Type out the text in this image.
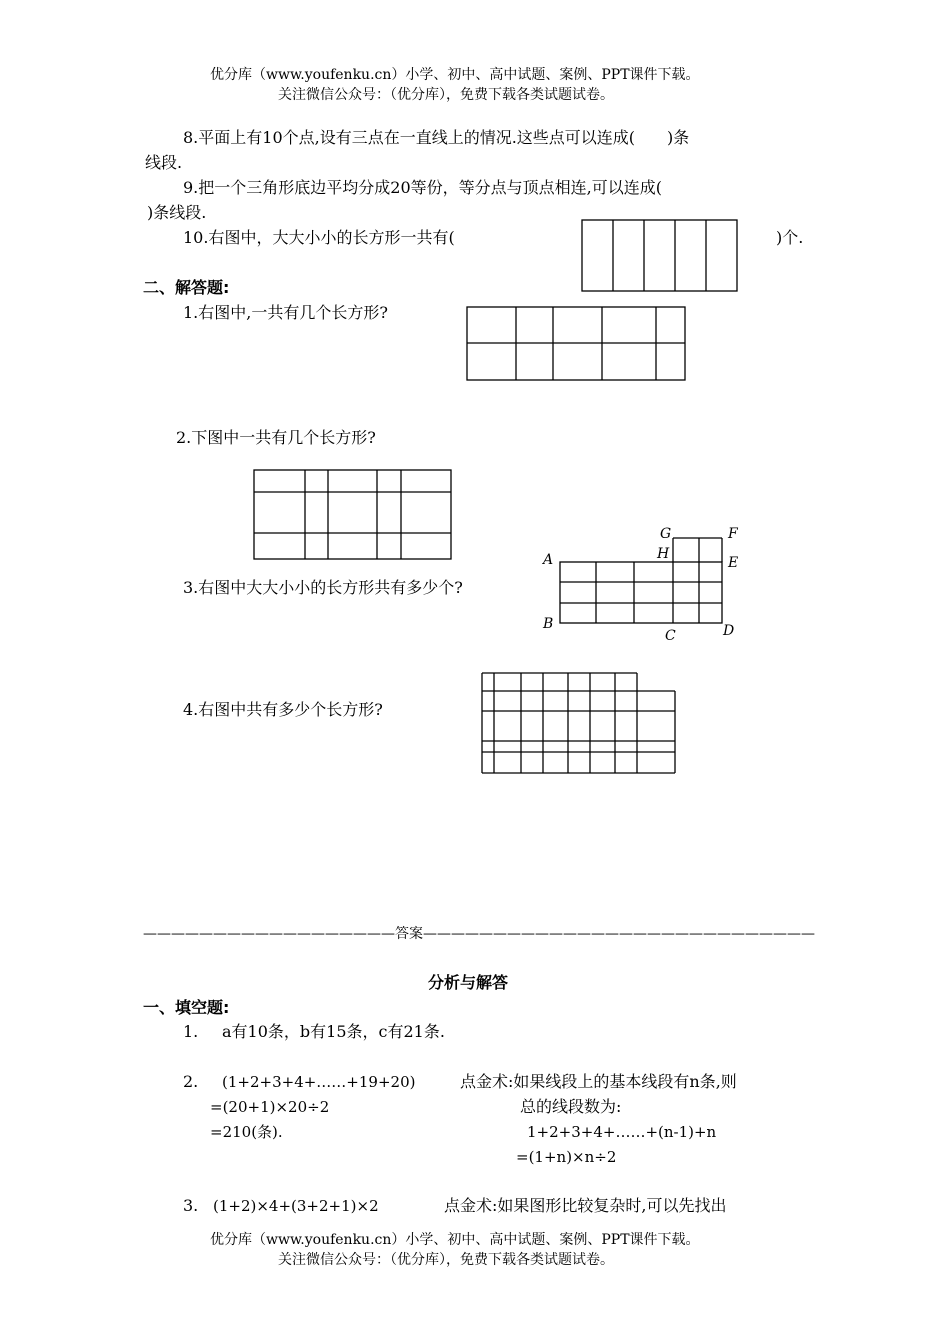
优分库（www.youfenku.cn）小学、初中、高中试题、案例、PPT课件下载。
关注微信公众号：（优分库），免费下载各类试题试卷。
8.平面上有10个点,设有三点在一直线上的情况.这些点可以连成(　　)条
线段.
9.把一个三角形底边平均分成20等份，等分点与顶点相连,可以连成(
)条线段.
10.右图中，大大小小的长方形一共有(	)个.
二、解答题:
1.右图中,一共有几个长方形?
2.下图中一共有几个长方形?
3.右图中大大小小的长方形共有多少个?
G	F
H
E
A
B
C	D
4.右图中共有多少个长方形?
——————————————————答案————————————————————————————
分析与解答
一、填空题:
1. a有10条，b有15条，c有21条.
2. (1+2+3+4+……+19+20)
=(20+1)×20÷2
=210(条).
点金术:如果线段上的基本线段有n条,则
总的线段数为:
1+2+3+4+……+(n-1)+n
=(1+n)×n÷2
3. (1+2)×4+(3+2+1)×2	点金术:如果图形比较复杂时,可以先找出
优分库（www.youfenku.cn）小学、初中、高中试题、案例、PPT课件下载。
关注微信公众号：（优分库），免费下载各类试题试卷。
